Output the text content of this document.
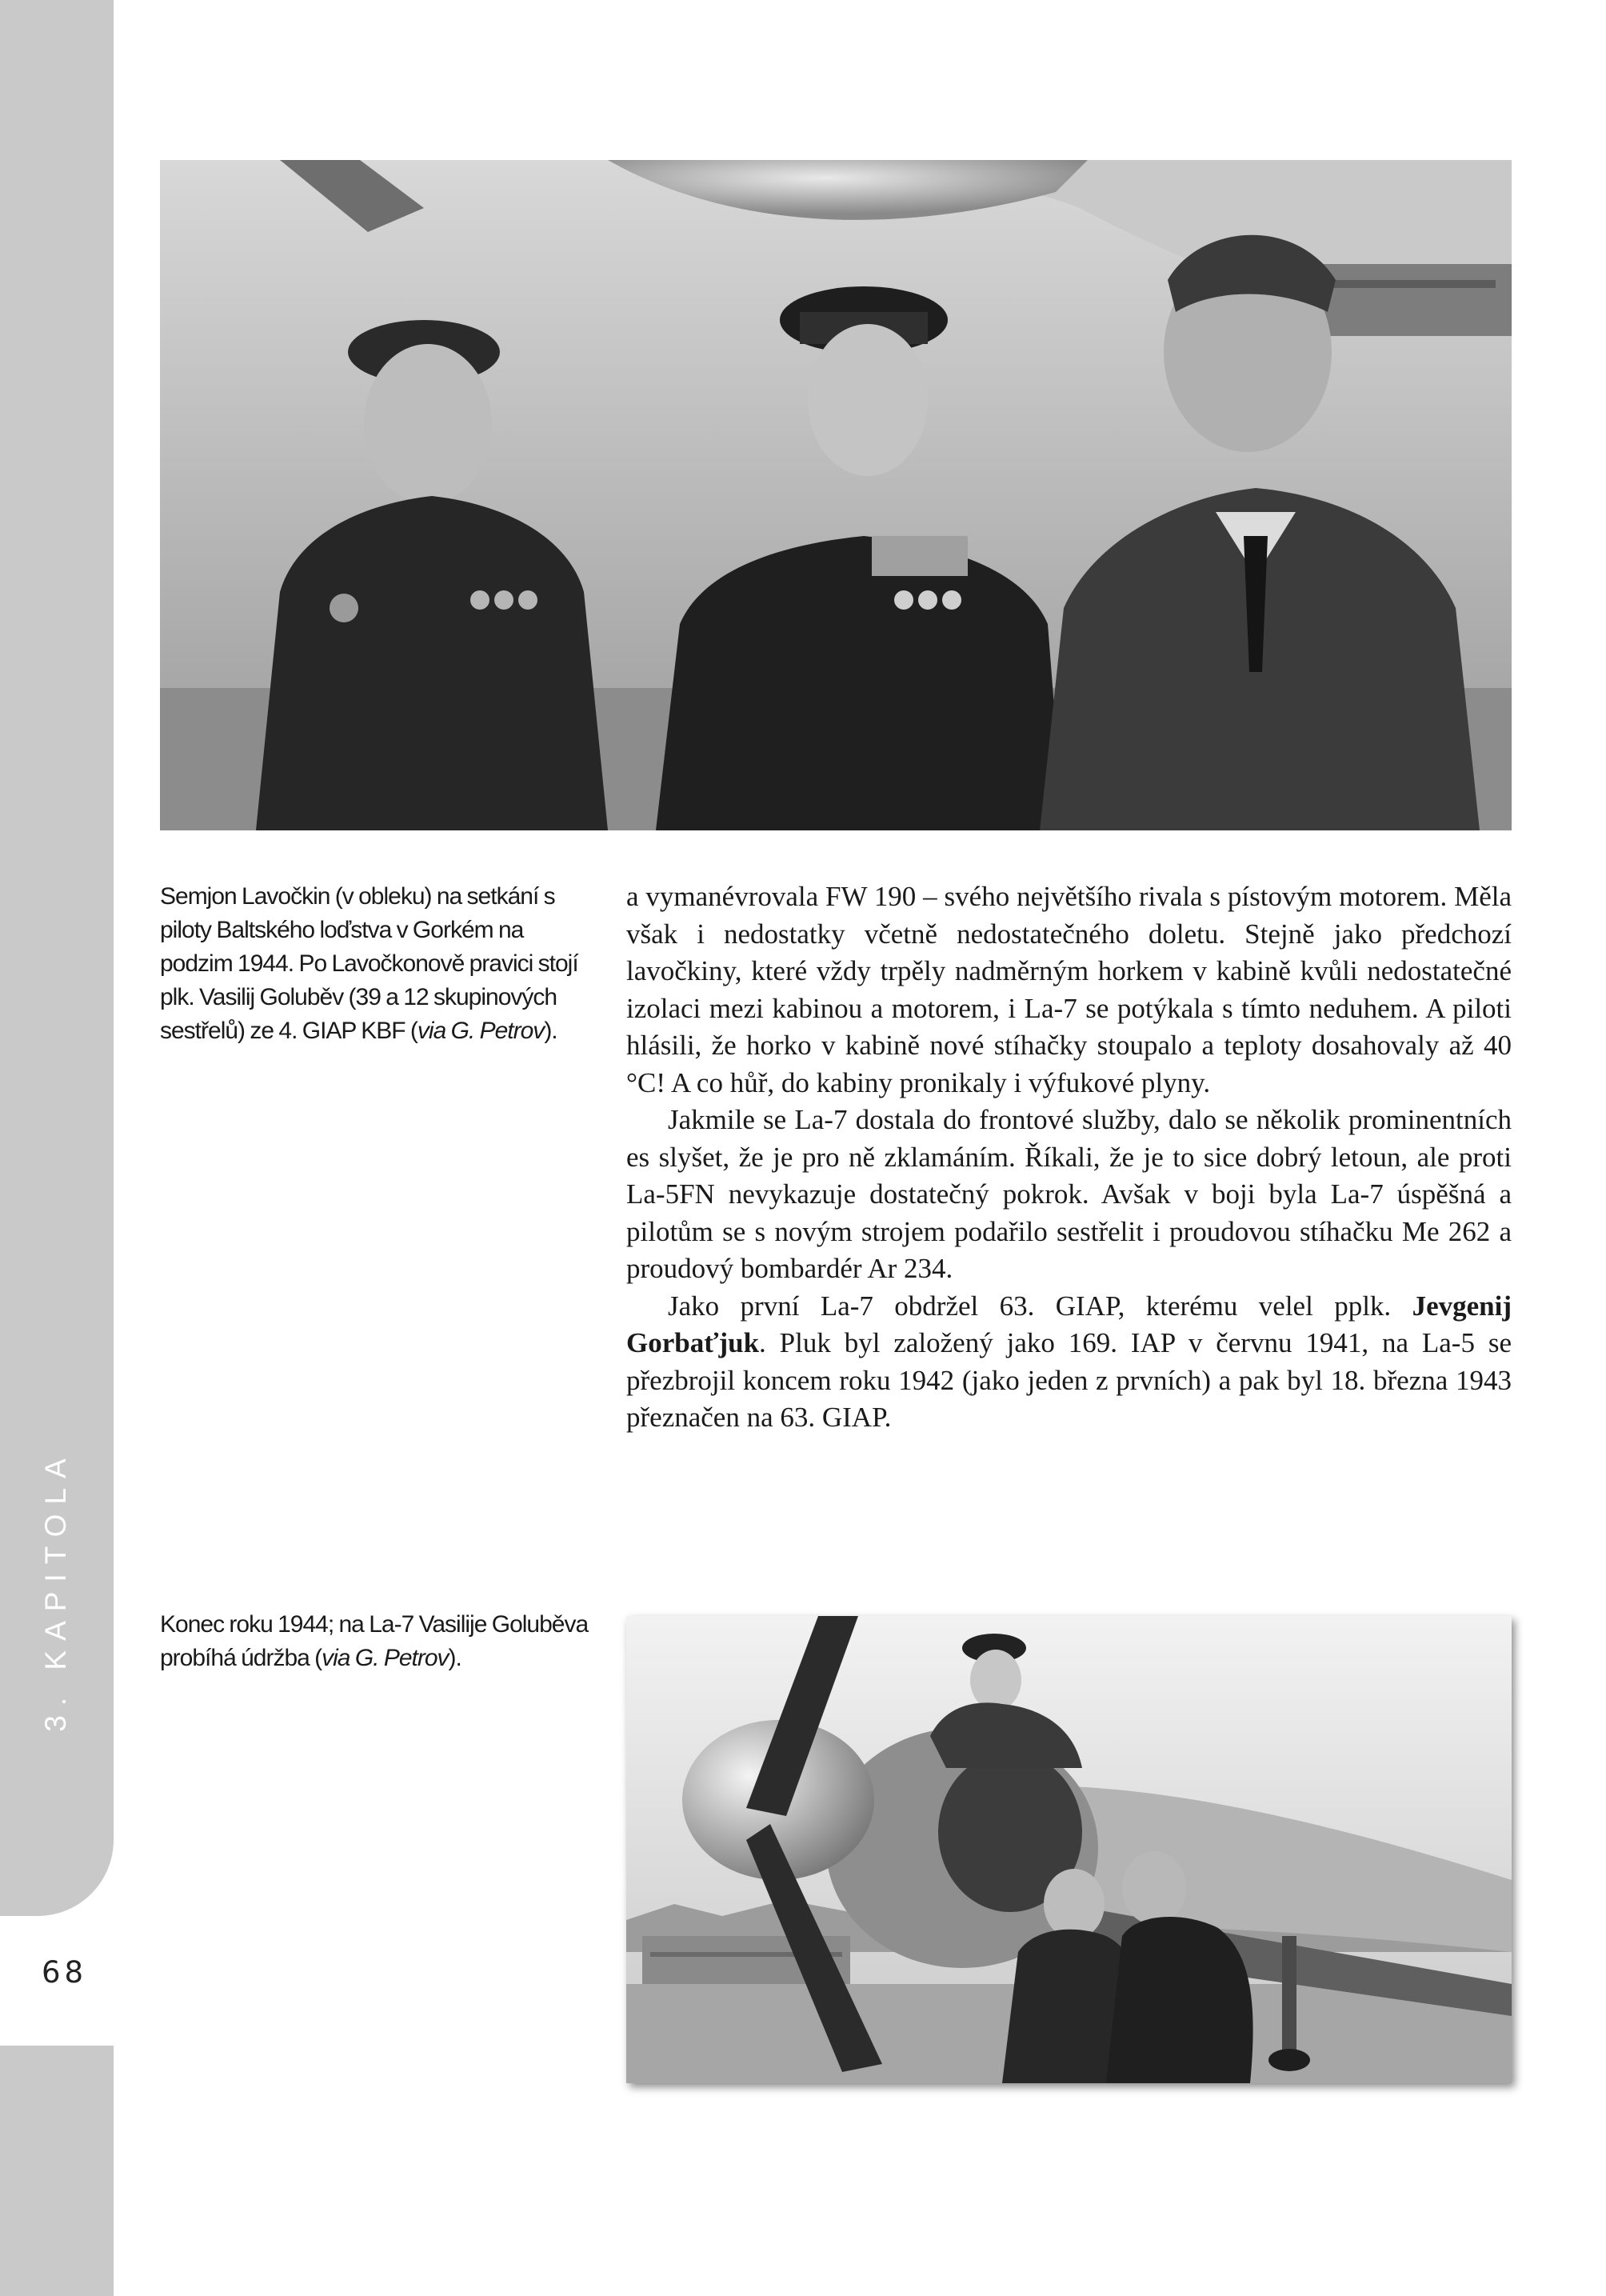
3. KAPITOLA
68

Semjon Lavočkin (v obleku) na setkání s piloty Baltského loďstva v Gorkém na podzim 1944. Po Lavočkonově pravici stojí plk. Vasilij Goluběv (39 a 12 skupinových sestřelů) ze 4. GIAP KBF (via G. Petrov).

a vymanévrovala FW 190 – svého největšího rivala s pístovým motorem. Měla však i nedostatky včetně nedostatečného doletu. Stejně jako předchozí lavočkiny, které vždy trpěly nadměrným horkem v kabině kvůli nedostatečné izolaci mezi kabinou a motorem, i La-7 se potýkala s tímto neduhem. A piloti hlásili, že horko v kabině nové stíhačky stoupalo a teploty dosahovaly až 40 °C! A co hůř, do kabiny pronikaly i výfukové plyny.

Jakmile se La-7 dostala do frontové služby, dalo se několik prominentních es slyšet, že je pro ně zklamáním. Říkali, že je to sice dobrý letoun, ale proti La-5FN nevykazuje dostatečný pokrok. Avšak v boji byla La-7 úspěšná a pilotům se s novým strojem podařilo sestřelit i proudovou stíhačku Me 262 a proudový bombardér Ar 234.

Jako první La-7 obdržel 63. GIAP, kterému velel pplk. Jevgenij Gorbaťjuk. Pluk byl založený jako 169. IAP v červnu 1941, na La-5 se přezbrojil koncem roku 1942 (jako jeden z prvních) a pak byl 18. března 1943 přeznačen na 63. GIAP.

Konec roku 1944; na La-7 Vasilije Goluběva probíhá údržba (via G. Petrov).
